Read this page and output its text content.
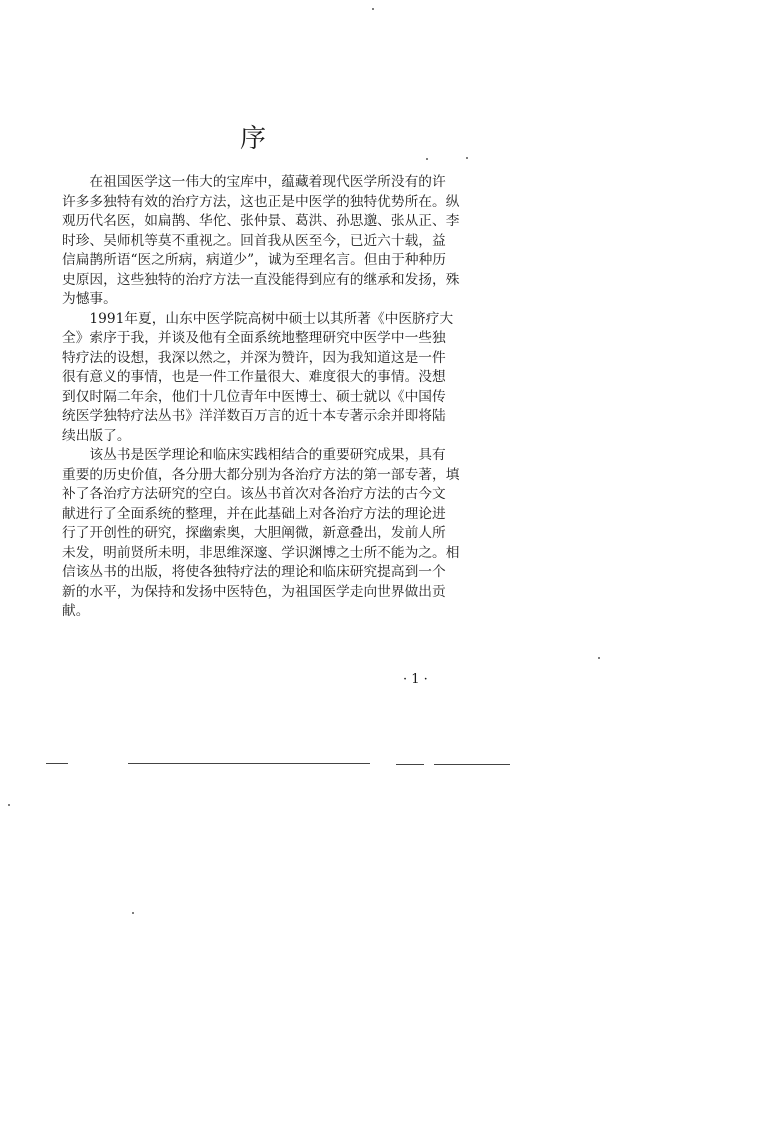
序

在 祖 国 医 学 这 一 伟 大 的 宝 库 中 ， 蕴 藏 着 现 代 医 学 所 没 有 的 许
许 多 多 独 特 有 效 的 治 疗 方 法 ， 这 也 正 是 中 医 学 的 独 特 优 势 所 在 。 纵
观 历 代 名 医 ， 如 扁 鹊 、 华 佗 、 张 仲 景 、 葛 洪 、 孙 思 邈 、 张 从 正 、 李
时 珍 、 吴 师 机 等 莫 不 重 视 之 。 回 首 我 从 医 至 今 ， 已 近 六 十 载 ， 益
信 扁 鹊 所 语 “ 医 之 所 病 ， 病 道 少 ” ， 诚 为 至 理 名 言 。 但 由 于 种 种 历
史 原 因 ， 这 些 独 特 的 治 疗 方 法 一 直 没 能 得 到 应 有 的 继 承 和 发 扬 ， 殊
为 憾 事 。

1 9 9 1 年 夏 ， 山 东 中 医 学 院 高 树 中 硕 士 以 其 所 著 《 中 医 脐 疗 大
全 》 索 序 于 我 ， 并 谈 及 他 有 全 面 系 统 地 整 理 研 究 中 医 学 中 一 些 独
特 疗 法 的 设 想 ， 我 深 以 然 之 ， 并 深 为 赞 许 ， 因 为 我 知 道 这 是 一 件
很 有 意 义 的 事 情 ， 也 是 一 件 工 作 量 很 大 、 难 度 很 大 的 事 情 。 没 想
到 仅 时 隔 二 年 余 ， 他 们 十 几 位 青 年 中 医 博 士 、 硕 士 就 以 《 中 国 传
统 医 学 独 特 疗 法 丛 书 》 洋 洋 数 百 万 言 的 近 十 本 专 著 示 余 并 即 将 陆
续 出 版 了 。

该 丛 书 是 医 学 理 论 和 临 床 实 践 相 结 合 的 重 要 研 究 成 果 ， 具 有
重 要 的 历 史 价 值 ， 各 分 册 大 都 分 别 为 各 治 疗 方 法 的 第 一 部 专 著 ， 填
补 了 各 治 疗 方 法 研 究 的 空 白 。 该 丛 书 首 次 对 各 治 疗 方 法 的 古 今 文
献 进 行 了 全 面 系 统 的 整 理 ， 并 在 此 基 础 上 对 各 治 疗 方 法 的 理 论 进
行 了 开 创 性 的 研 究 ， 探 幽 索 奥 ， 大 胆 阐 微 ， 新 意 叠 出 ， 发 前 人 所
未 发 ， 明 前 贤 所 未 明 ， 非 思 维 深 邃 、 学 识 渊 博 之 士 所 不 能 为 之 。 相
信 该 丛 书 的 出 版 ， 将 使 各 独 特 疗 法 的 理 论 和 临 床 研 究 提 高 到 一 个
新 的 水 平 ， 为 保 持 和 发 扬 中 医 特 色 ， 为 祖 国 医 学 走 向 世 界 做 出 贡
献 。
· 1 ·
